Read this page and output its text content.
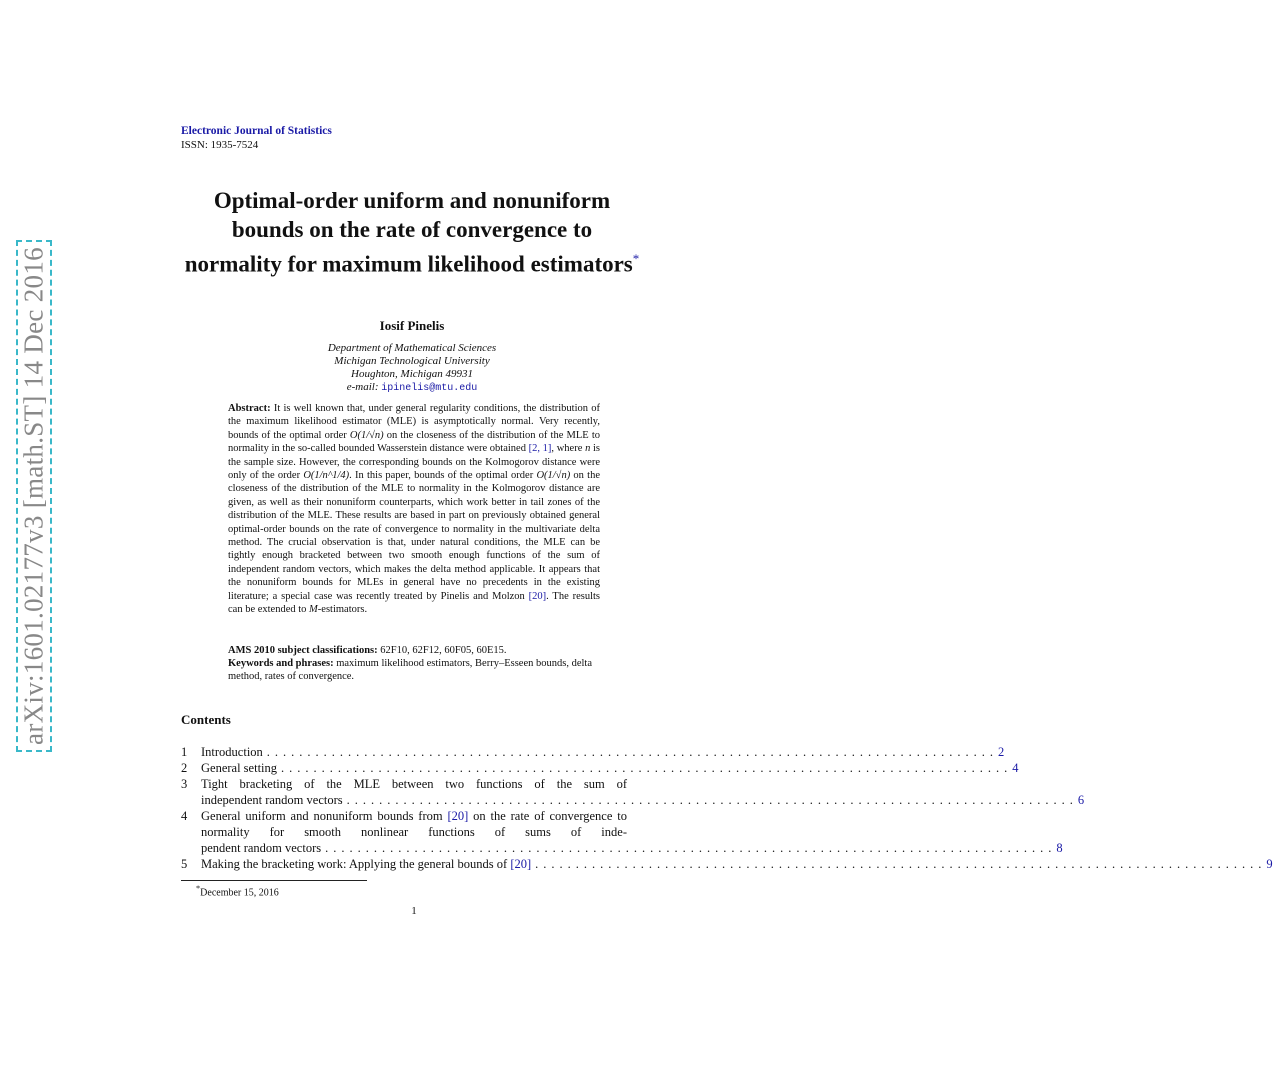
arXiv:1601.02177v3 [math.ST] 14 Dec 2016
Electronic Journal of Statistics
ISSN: 1935-7524
Optimal-order uniform and nonuniform bounds on the rate of convergence to normality for maximum likelihood estimators*
Iosif Pinelis
Department of Mathematical Sciences
Michigan Technological University
Houghton, Michigan 49931
e-mail: ipinelis@mtu.edu
Abstract: It is well known that, under general regularity conditions, the distribution of the maximum likelihood estimator (MLE) is asymptotically normal. Very recently, bounds of the optimal order O(1/√n) on the closeness of the distribution of the MLE to normality in the so-called bounded Wasserstein distance were obtained [2, 1], where n is the sample size. However, the corresponding bounds on the Kolmogorov distance were only of the order O(1/n^1/4). In this paper, bounds of the optimal order O(1/√n) on the closeness of the distribution of the MLE to normality in the Kolmogorov distance are given, as well as their nonuniform counterparts, which work better in tail zones of the distribution of the MLE. These results are based in part on previously obtained general optimal-order bounds on the rate of convergence to normality in the multivariate delta method. The crucial observation is that, under natural conditions, the MLE can be tightly enough bracketed between two smooth enough functions of the sum of independent random vectors, which makes the delta method applicable. It appears that the nonuniform bounds for MLEs in general have no precedents in the existing literature; a special case was recently treated by Pinelis and Molzon [20]. The results can be extended to M-estimators.
AMS 2010 subject classifications: 62F10, 62F12, 60F05, 60E15.
Keywords and phrases: maximum likelihood estimators, Berry–Esseen bounds, delta method, rates of convergence.
Contents
1 Introduction .......................................................................................... 2
2 General setting .......................................................................................... 4
3 Tight bracketing of the MLE between two functions of the sum of
independent random vectors .......................................................................................... 6
4 General uniform and nonuniform bounds from [20] on the rate of convergence to normality for smooth nonlinear functions of sums of inde-
pendent random vectors .......................................................................................... 8
5 Making the bracketing work: Applying the general bounds of [20] .......................................................................................... 9
*December 15, 2016
1
